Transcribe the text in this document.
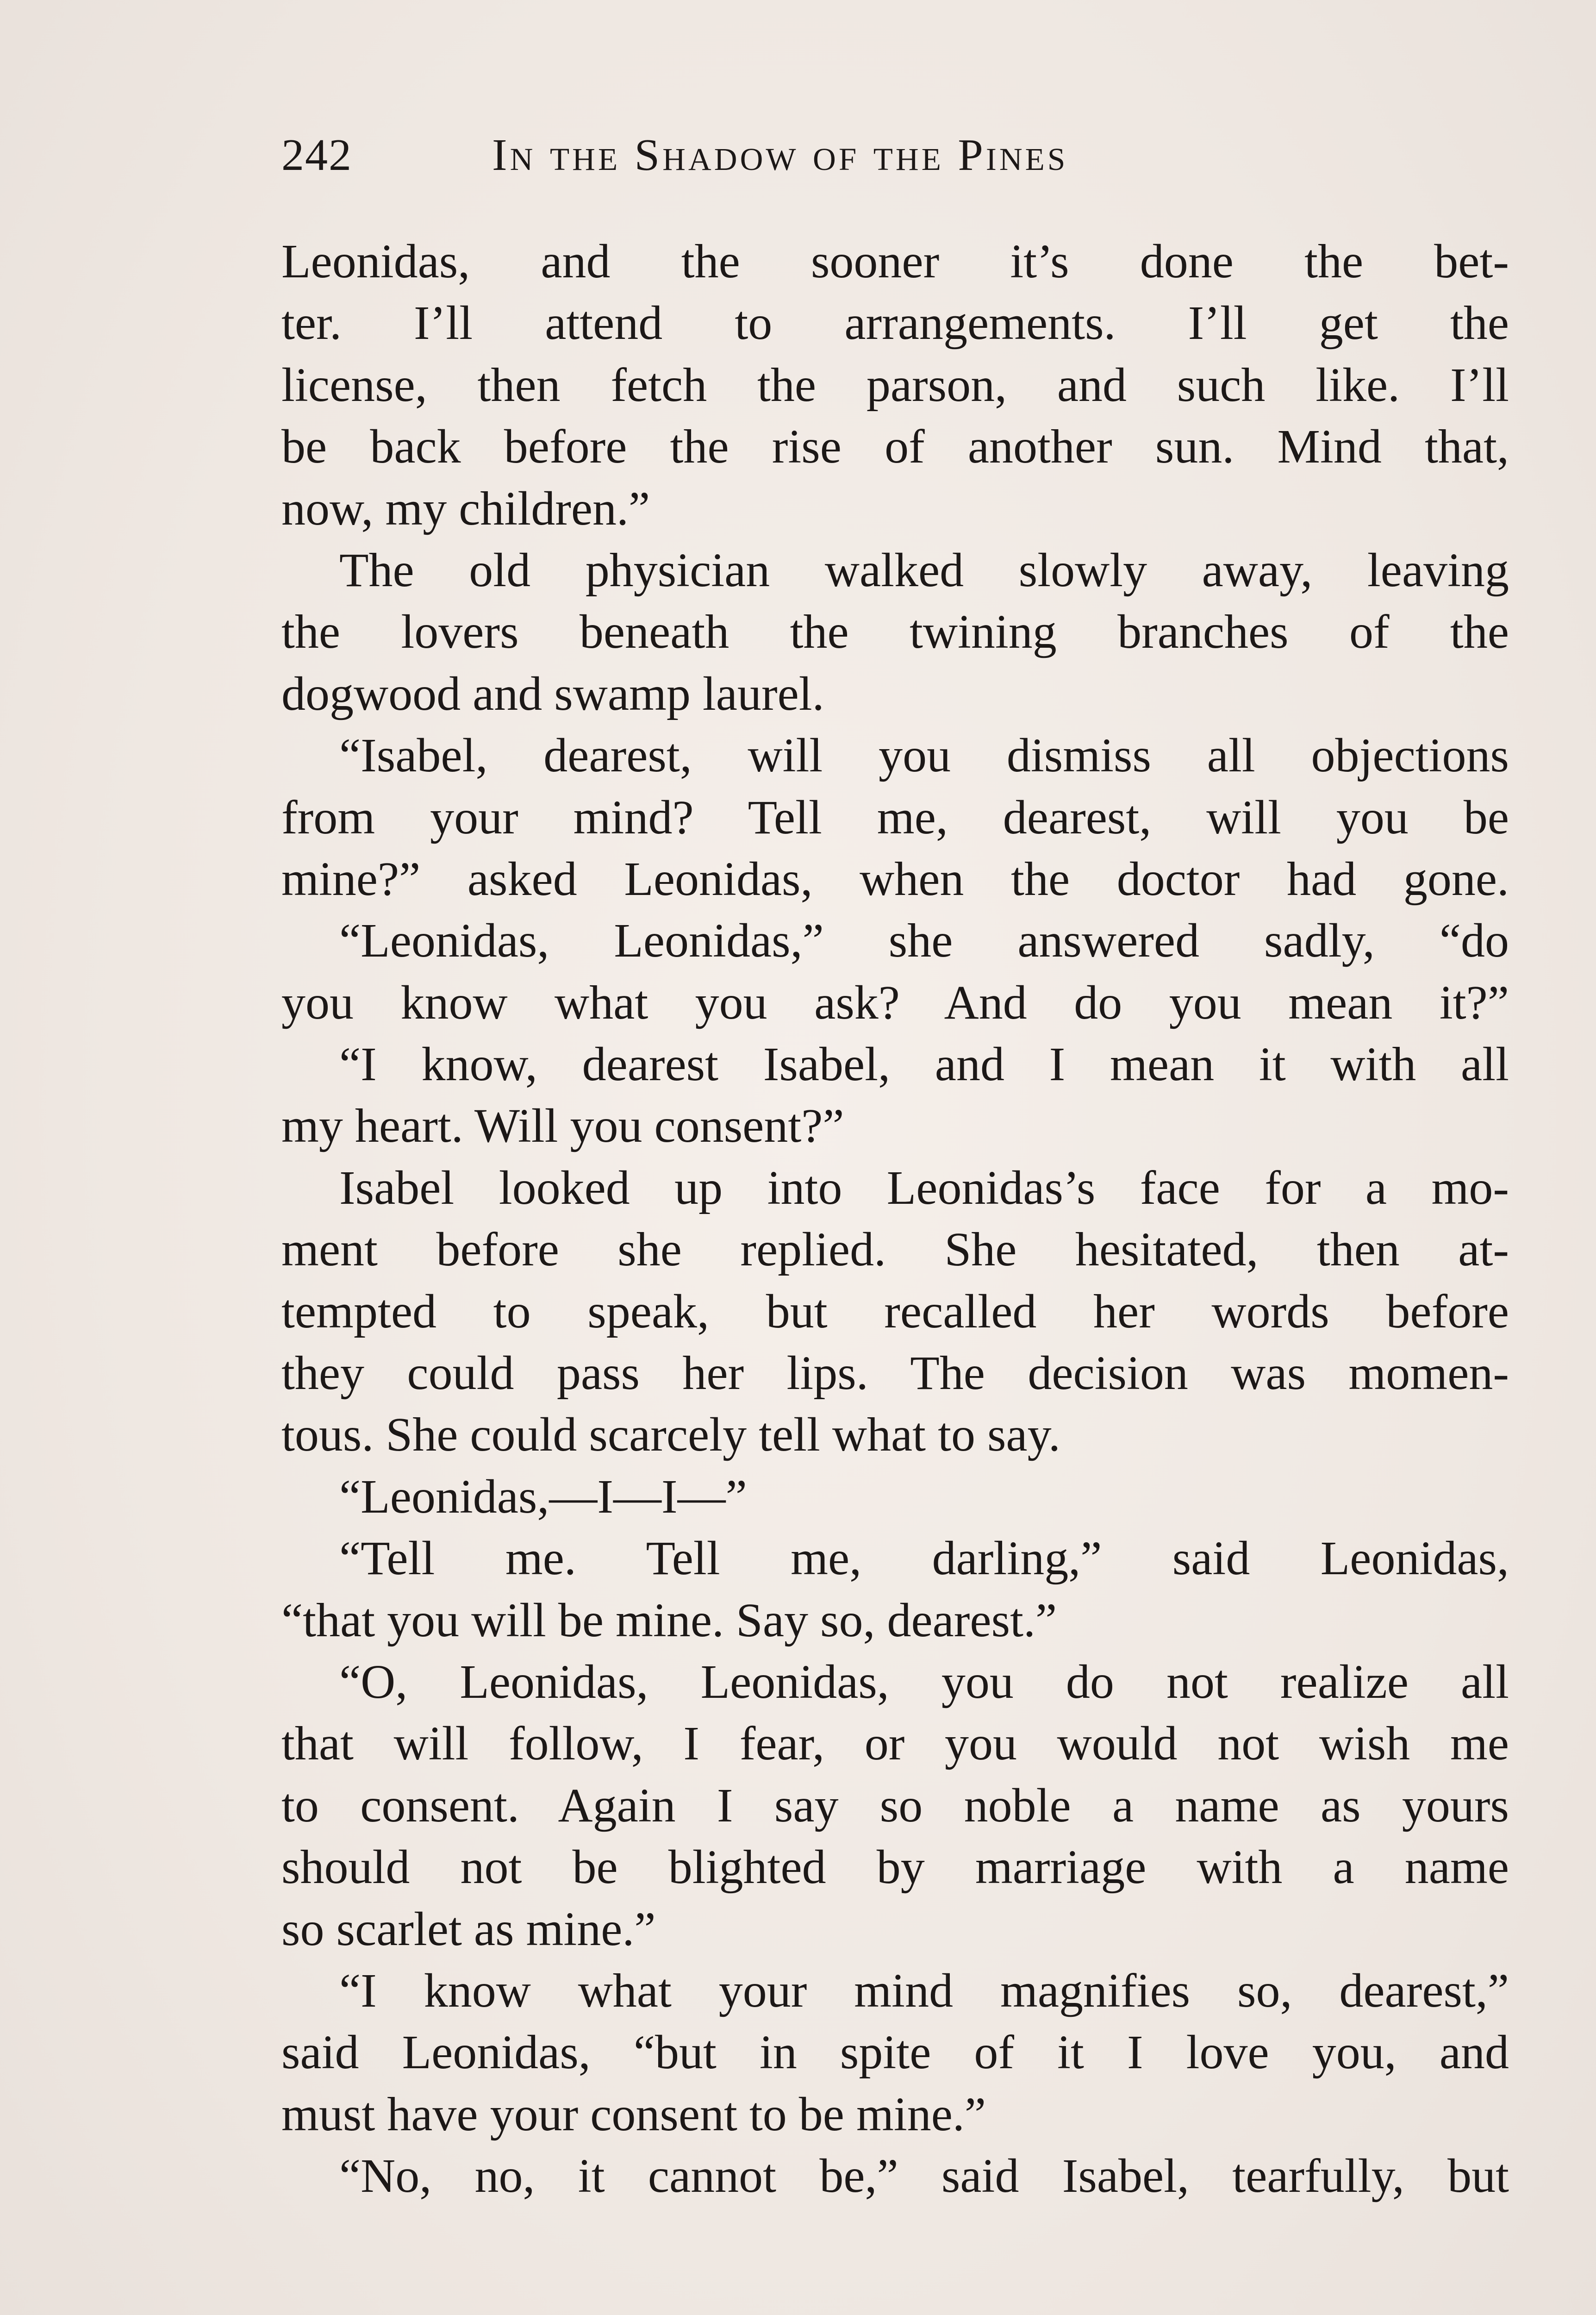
242	In the Shadow of the Pines
Leonidas, and the sooner it’s done the bet-
ter. I’ll attend to arrangements. I’ll get the
license, then fetch the parson, and such like. I’ll
be back before the rise of another sun. Mind that,
now, my children.”
The old physician walked slowly away, leaving
the lovers beneath the twining branches of the
dogwood and swamp laurel.
“Isabel, dearest, will you dismiss all objections
from your mind? Tell me, dearest, will you be
mine?” asked Leonidas, when the doctor had gone.
“Leonidas, Leonidas,” she answered sadly, “do
you know what you ask? And do you mean it?”
“I know, dearest Isabel, and I mean it with all
my heart. Will you consent?”
Isabel looked up into Leonidas’s face for a mo-
ment before she replied. She hesitated, then at-
tempted to speak, but recalled her words before
they could pass her lips. The decision was momen-
tous. She could scarcely tell what to say.
“Leonidas,—I—I—”
“Tell me. Tell me, darling,” said Leonidas,
“that you will be mine. Say so, dearest.”
“O, Leonidas, Leonidas, you do not realize all
that will follow, I fear, or you would not wish me
to consent. Again I say so noble a name as yours
should not be blighted by marriage with a name
so scarlet as mine.”
“I know what your mind magnifies so, dearest,”
said Leonidas, “but in spite of it I love you, and
must have your consent to be mine.”
“No, no, it cannot be,” said Isabel, tearfully, but
